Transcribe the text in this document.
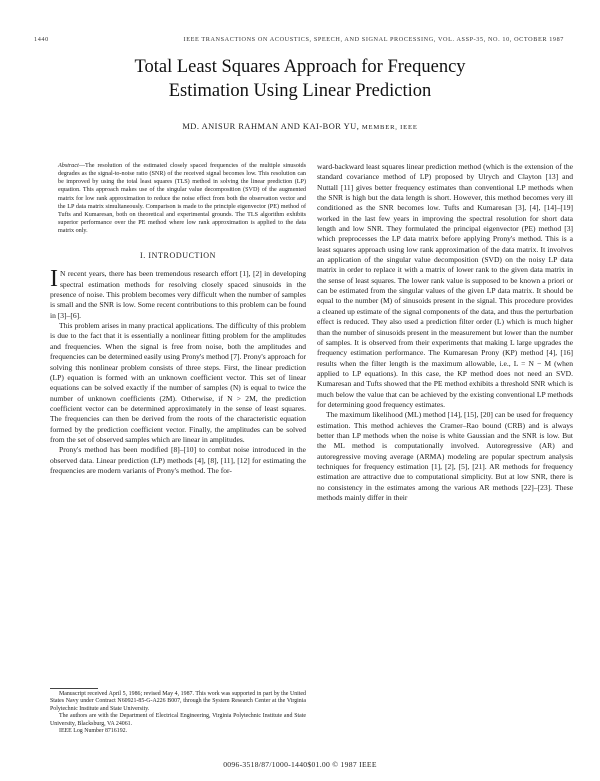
1440	IEEE TRANSACTIONS ON ACOUSTICS, SPEECH, AND SIGNAL PROCESSING, VOL. ASSP-35, NO. 10, OCTOBER 1987
Total Least Squares Approach for Frequency
Estimation Using Linear Prediction
MD. ANISUR RAHMAN AND KAI-BOR YU, MEMBER, IEEE

Abstract—The resolution of the estimated closely spaced frequencies of the multiple sinusoids degrades as the signal-to-noise ratio (SNR) of the received signal becomes low. This resolution can be improved by using the total least squares (TLS) method in solving the linear prediction (LP) equation. This approach makes use of the singular value decomposition (SVD) of the augmented matrix for low rank approximation to reduce the noise effect from both the observation vector and the LP data matrix simultaneously. Comparison is made to the principle eigenvector (PE) method of Tufts and Kumaresan, both on theoretical and experimental grounds. The TLS algorithm exhibits superior performance over the PE method where low rank approximation is applied to the data matrix only.

I. INTRODUCTION

I N recent years, there has been tremendous research effort [1], [2] in developing spectral estimation methods for resolving closely spaced sinusoids in the presence of noise. This problem becomes very difficult when the number of samples is small and the SNR is low. Some recent contributions to this problem can be found in [3]–[6].

This problem arises in many practical applications. The difficulty of this problem is due to the fact that it is essentially a nonlinear fitting problem for the amplitudes and frequencies. When the signal is free from noise, both the amplitudes and frequencies can be determined easily using Prony's method [7]. Prony's approach for solving this nonlinear problem consists of three steps. First, the linear prediction (LP) equation is formed with an unknown coefficient vector. This set of linear equations can be solved exactly if the number of samples (N) is equal to twice the number of unknown coefficients (2M). Otherwise, if N > 2M, the prediction coefficient vector can be determined approximately in the sense of least squares. The frequencies can then be derived from the roots of the characteristic equation formed by the prediction coefficient vector. Finally, the amplitudes can be solved from the set of observed samples which are linear in amplitudes.

Prony's method has been modified [8]–[10] to combat noise introduced in the observed data. Linear prediction (LP) methods [4], [8], [11], [12] for estimating the frequencies are modern variants of Prony's method. The for-

ward-backward least squares linear prediction method (which is the extension of the standard covariance method of LP) proposed by Ulrych and Clayton [13] and Nuttall [11] gives better frequency estimates than conventional LP methods when the SNR is high but the data length is short. However, this method becomes very ill conditioned as the SNR becomes low. Tufts and Kumaresan [3], [4], [14]–[19] worked in the last few years in improving the spectral resolution for short data length and low SNR. They formulated the principal eigenvector (PE) method [3] which preprocesses the LP data matrix before applying Prony's method. This is a least squares approach using low rank approximation of the data matrix. It involves an application of the singular value decomposition (SVD) on the noisy LP data matrix in order to replace it with a matrix of lower rank to the given data matrix in the sense of least squares. The lower rank value is supposed to be known a priori or can be estimated from the singular values of the given LP data matrix. It should be equal to the number (M) of sinusoids present in the signal. This procedure provides a cleaned up estimate of the signal components of the data, and thus the perturbation effect is reduced. They also used a prediction filter order (L) which is much higher than the number of sinusoids present in the measurement but lower than the number of samples. It is observed from their experiments that making L large upgrades the frequency estimation performance. The Kumaresan Prony (KP) method [4], [16] results when the filter length is the maximum allowable, i.e., L = N − M (when applied to LP equations). In this case, the KP method does not need an SVD. Kumaresan and Tufts showed that the PE method exhibits a threshold SNR which is much below the value that can be achieved by the existing conventional LP methods for determining good frequency estimates.

The maximum likelihood (ML) method [14], [15], [20] can be used for frequency estimation. This method achieves the Cramer–Rao bound (CRB) and is always better than LP methods when the noise is white Gaussian and the SNR is low. But the ML method is computationally involved. Autoregressive (AR) and autoregressive moving average (ARMA) modeling are popular spectrum analysis techniques for frequency estimation [1], [2], [5], [21]. AR methods for frequency estimation are attractive due to computational simplicity. But at low SNR, there is no consistency in the estimates among the various AR methods [22]–[23]. These methods mainly differ in their

Manuscript received April 5, 1986; revised May 4, 1987. This work was supported in part by the United States Navy under Contract N60921-85-G-A226 B007, through the System Research Center at the Virginia Polytechnic Institute and State University.

The authors are with the Department of Electrical Engineering, Virginia Polytechnic Institute and State University, Blacksburg, VA 24061.

IEEE Log Number 8716192.

0096-3518/87/1000-1440$01.00 © 1987 IEEE
